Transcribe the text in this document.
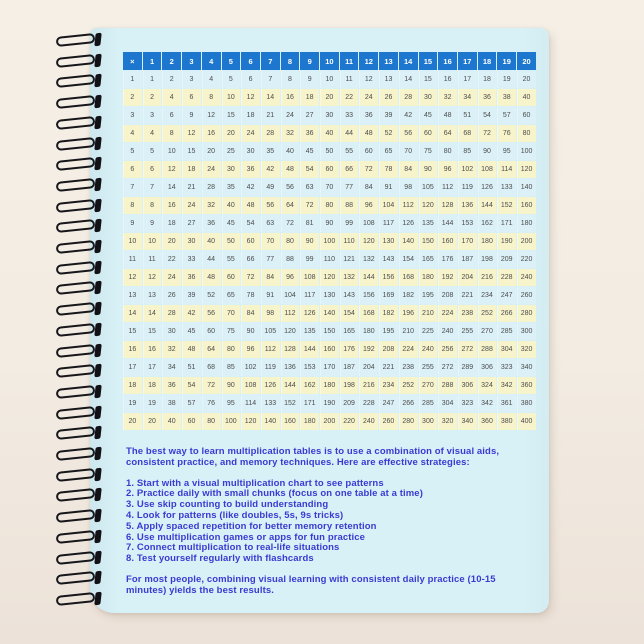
×	1	2	3	4	5	6	7	8	9	10	11	12	13	14	15	16	17	18	19	20
1	1	2	3	4	5	6	7	8	9	10	11	12	13	14	15	16	17	18	19	20
2	2	4	6	8	10	12	14	16	18	20	22	24	26	28	30	32	34	36	38	40
3	3	6	9	12	15	18	21	24	27	30	33	36	39	42	45	48	51	54	57	60
4	4	8	12	16	20	24	28	32	36	40	44	48	52	56	60	64	68	72	76	80
5	5	10	15	20	25	30	35	40	45	50	55	60	65	70	75	80	85	90	95	100
6	6	12	18	24	30	36	42	48	54	60	66	72	78	84	90	96	102	108	114	120
7	7	14	21	28	35	42	49	56	63	70	77	84	91	98	105	112	119	126	133	140
8	8	16	24	32	40	48	56	64	72	80	88	96	104	112	120	128	136	144	152	160
9	9	18	27	36	45	54	63	72	81	90	99	108	117	126	135	144	153	162	171	180
10	10	20	30	40	50	60	70	80	90	100	110	120	130	140	150	160	170	180	190	200
11	11	22	33	44	55	66	77	88	99	110	121	132	143	154	165	176	187	198	209	220
12	12	24	36	48	60	72	84	96	108	120	132	144	156	168	180	192	204	216	228	240
13	13	26	39	52	65	78	91	104	117	130	143	156	169	182	195	208	221	234	247	260
14	14	28	42	56	70	84	98	112	126	140	154	168	182	196	210	224	238	252	266	280
15	15	30	45	60	75	90	105	120	135	150	165	180	195	210	225	240	255	270	285	300
16	16	32	48	64	80	96	112	128	144	160	176	192	208	224	240	256	272	288	304	320
17	17	34	51	68	85	102	119	136	153	170	187	204	221	238	255	272	289	306	323	340
18	18	36	54	72	90	108	126	144	162	180	198	216	234	252	270	288	306	324	342	360
19	19	38	57	76	95	114	133	152	171	190	209	228	247	266	285	304	323	342	361	380
20	20	40	60	80	100	120	140	160	180	200	220	240	260	280	300	320	340	360	380	400

The best way to learn multiplication tables is to use a combination of visual aids, consistent practice, and memory techniques. Here are effective strategies:

1. Start with a visual multiplication chart to see patterns
2. Practice daily with small chunks (focus on one table at a time)
3. Use skip counting to build understanding
4. Look for patterns (like doubles, 5s, 9s tricks)
5. Apply spaced repetition for better memory retention
6. Use multiplication games or apps for fun practice
7. Connect multiplication to real-life situations
8. Test yourself regularly with flashcards

For most people, combining visual learning with consistent daily practice (10-15 minutes) yields the best results.
